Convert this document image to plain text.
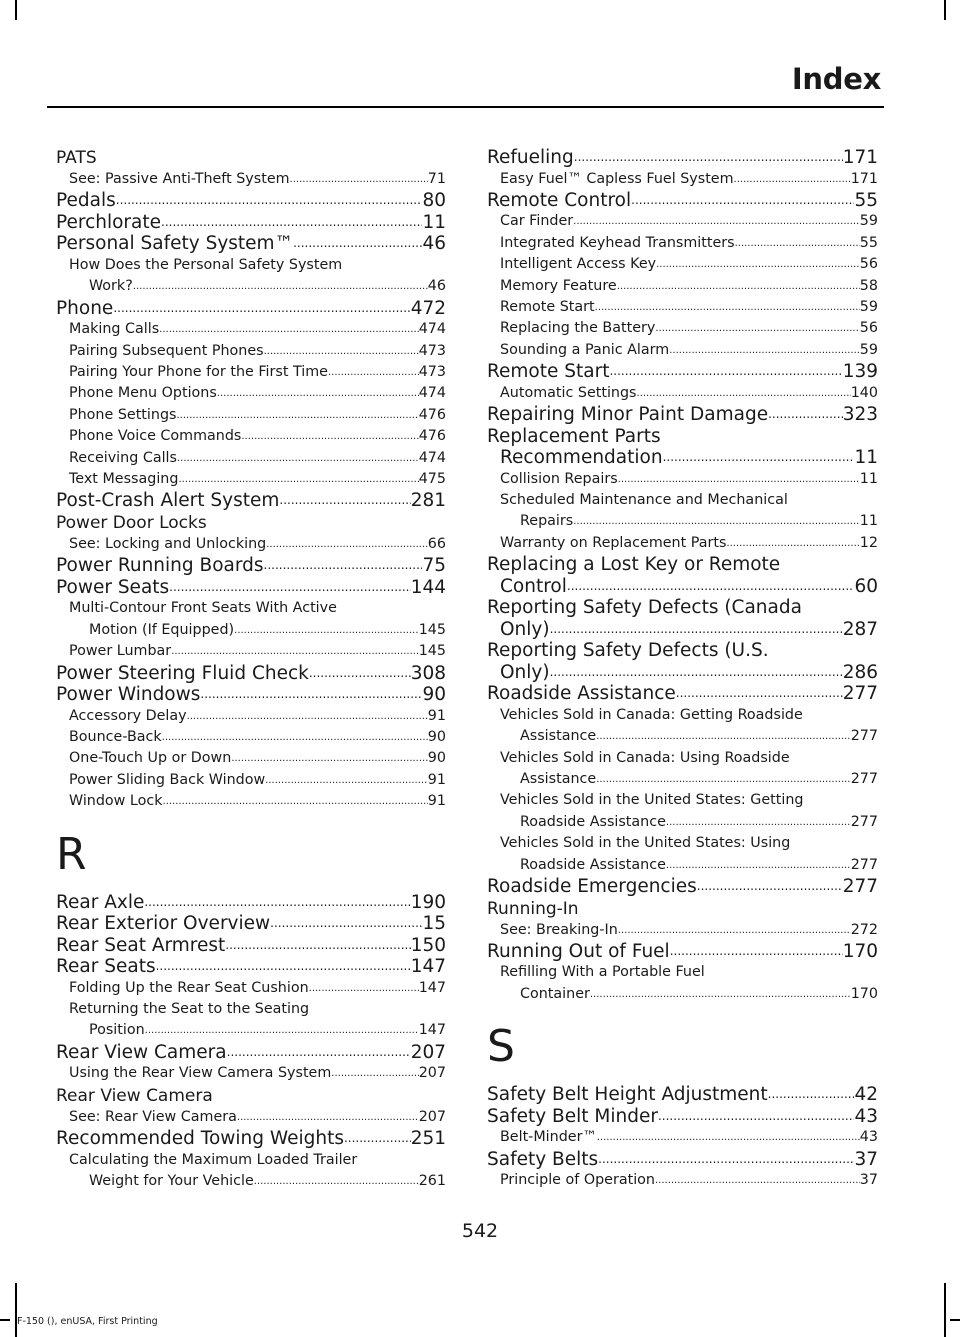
Index
PATS
See: Passive Anti-Theft System .....	71
Pedals .....	80
Perchlorate .....	11
Personal Safety System™ .....	46
How Does the Personal Safety System
Work? .....	46
Phone .....	472
Making Calls .....	474
Pairing Subsequent Phones .....	473
Pairing Your Phone for the First Time .....	473
Phone Menu Options .....	474
Phone Settings .....	476
Phone Voice Commands .....	476
Receiving Calls .....	474
Text Messaging .....	475
Post-Crash Alert System .....	281
Power Door Locks
See: Locking and Unlocking .....	66
Power Running Boards .....	75
Power Seats .....	144
Multi-Contour Front Seats With Active
Motion (If Equipped) .....	145
Power Lumbar .....	145
Power Steering Fluid Check .....	308
Power Windows .....	90
Accessory Delay .....	91
Bounce-Back .....	90
One-Touch Up or Down .....	90
Power Sliding Back Window .....	91
Window Lock .....	91
R
Rear Axle .....	190
Rear Exterior Overview .....	15
Rear Seat Armrest .....	150
Rear Seats .....	147
Folding Up the Rear Seat Cushion .....	147
Returning the Seat to the Seating
Position .....	147
Rear View Camera .....	207
Using the Rear View Camera System .....	207
Rear View Camera
See: Rear View Camera .....	207
Recommended Towing Weights .....	251
Calculating the Maximum Loaded Trailer
Weight for Your Vehicle .....	261
Refueling .....	171
Easy Fuel™ Capless Fuel System .....	171
Remote Control .....	55
Car Finder .....	59
Integrated Keyhead Transmitters .....	55
Intelligent Access Key .....	56
Memory Feature .....	58
Remote Start .....	59
Replacing the Battery .....	56
Sounding a Panic Alarm .....	59
Remote Start .....	139
Automatic Settings .....	140
Repairing Minor Paint Damage .....	323
Replacement Parts
Recommendation .....	11
Collision Repairs .....	11
Scheduled Maintenance and Mechanical
Repairs .....	11
Warranty on Replacement Parts .....	12
Replacing a Lost Key or Remote
Control .....	60
Reporting Safety Defects (Canada
Only) .....	287
Reporting Safety Defects (U.S.
Only) .....	286
Roadside Assistance .....	277
Vehicles Sold in Canada: Getting Roadside
Assistance .....	277
Vehicles Sold in Canada: Using Roadside
Assistance .....	277
Vehicles Sold in the United States: Getting
Roadside Assistance .....	277
Vehicles Sold in the United States: Using
Roadside Assistance .....	277
Roadside Emergencies .....	277
Running-In
See: Breaking-In .....	272
Running Out of Fuel .....	170
Refilling With a Portable Fuel
Container .....	170
S
Safety Belt Height Adjustment .....	42
Safety Belt Minder .....	43
Belt-Minder™ .....	43
Safety Belts .....	37
Principle of Operation .....	37
542
F-150 (), enUSA, First Printing
